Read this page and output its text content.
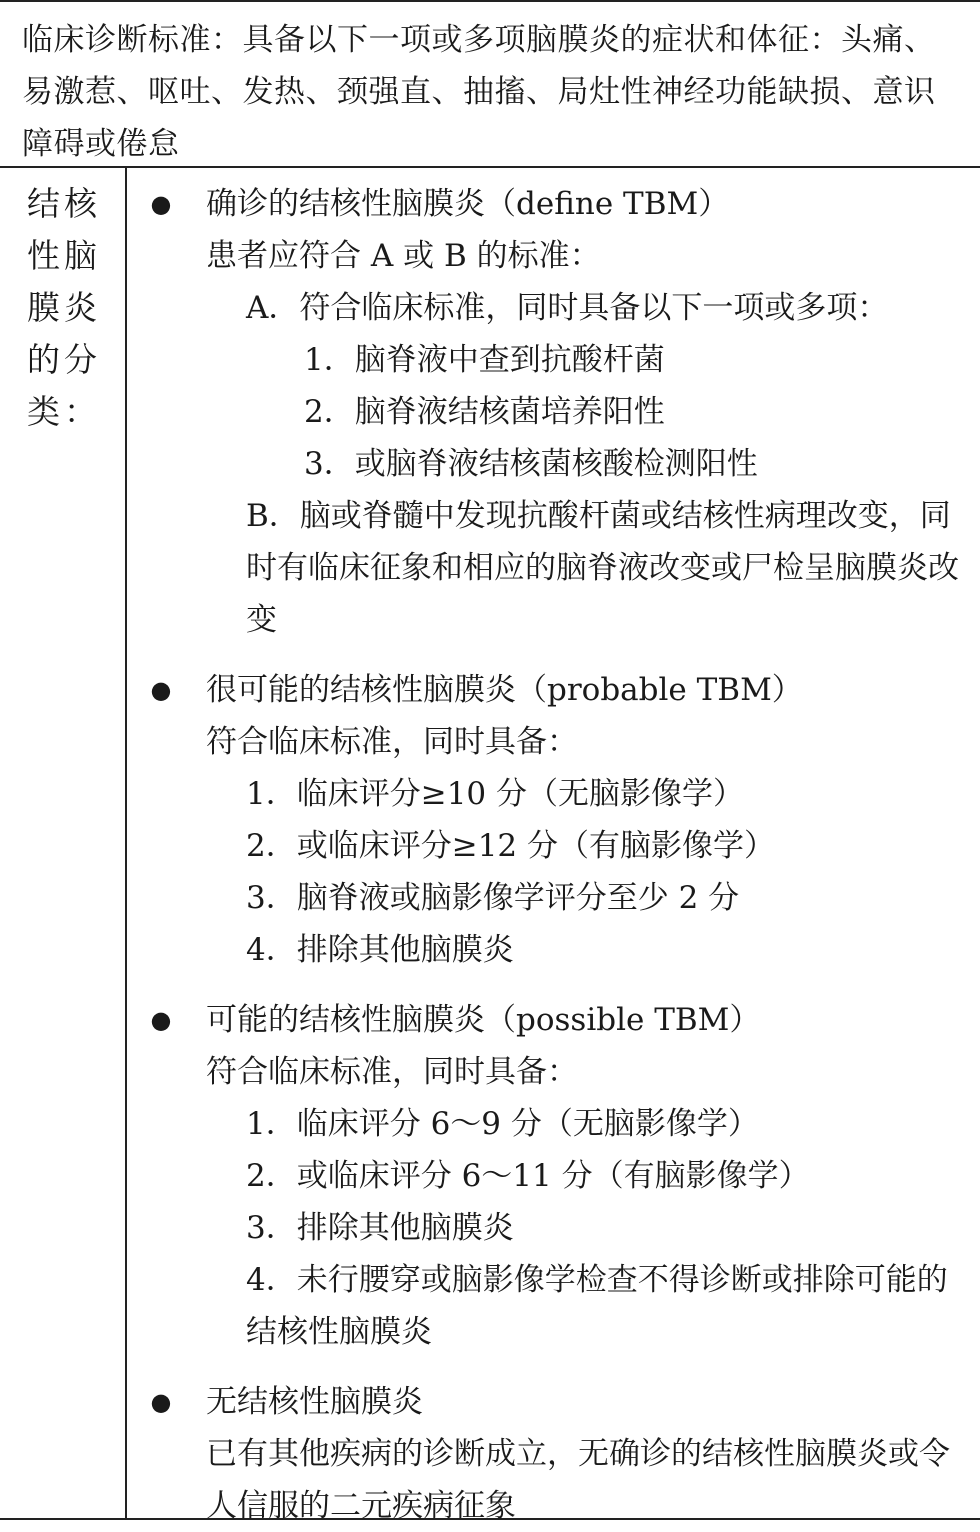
临床诊断标准：具备以下一项或多项脑膜炎的症状和体征：头痛、易激惹、呕吐、发热、颈强直、抽搐、局灶性神经功能缺损、意识障碍或倦怠
结核
性脑
膜炎
的分
类：
● 确诊的结核性脑膜炎（define TBM）
患者应符合 A 或 B 的标准：
A．符合临床标准，同时具备以下一项或多项：
1．脑脊液中查到抗酸杆菌
2．脑脊液结核菌培养阳性
3．或脑脊液结核菌核酸检测阳性
B．脑或脊髓中发现抗酸杆菌或结核性病理改变，同时有临床征象和相应的脑脊液改变或尸检呈脑膜炎改变
● 很可能的结核性脑膜炎（probable TBM）
符合临床标准，同时具备：
1．临床评分≥10 分（无脑影像学）
2．或临床评分≥12 分（有脑影像学）
3．脑脊液或脑影像学评分至少 2 分
4．排除其他脑膜炎
● 可能的结核性脑膜炎（possible TBM）
符合临床标准，同时具备：
1．临床评分 6～9 分（无脑影像学）
2．或临床评分 6～11 分（有脑影像学）
3．排除其他脑膜炎
4．未行腰穿或脑影像学检查不得诊断或排除可能的结核性脑膜炎
● 无结核性脑膜炎
已有其他疾病的诊断成立，无确诊的结核性脑膜炎或令人信服的二元疾病征象
